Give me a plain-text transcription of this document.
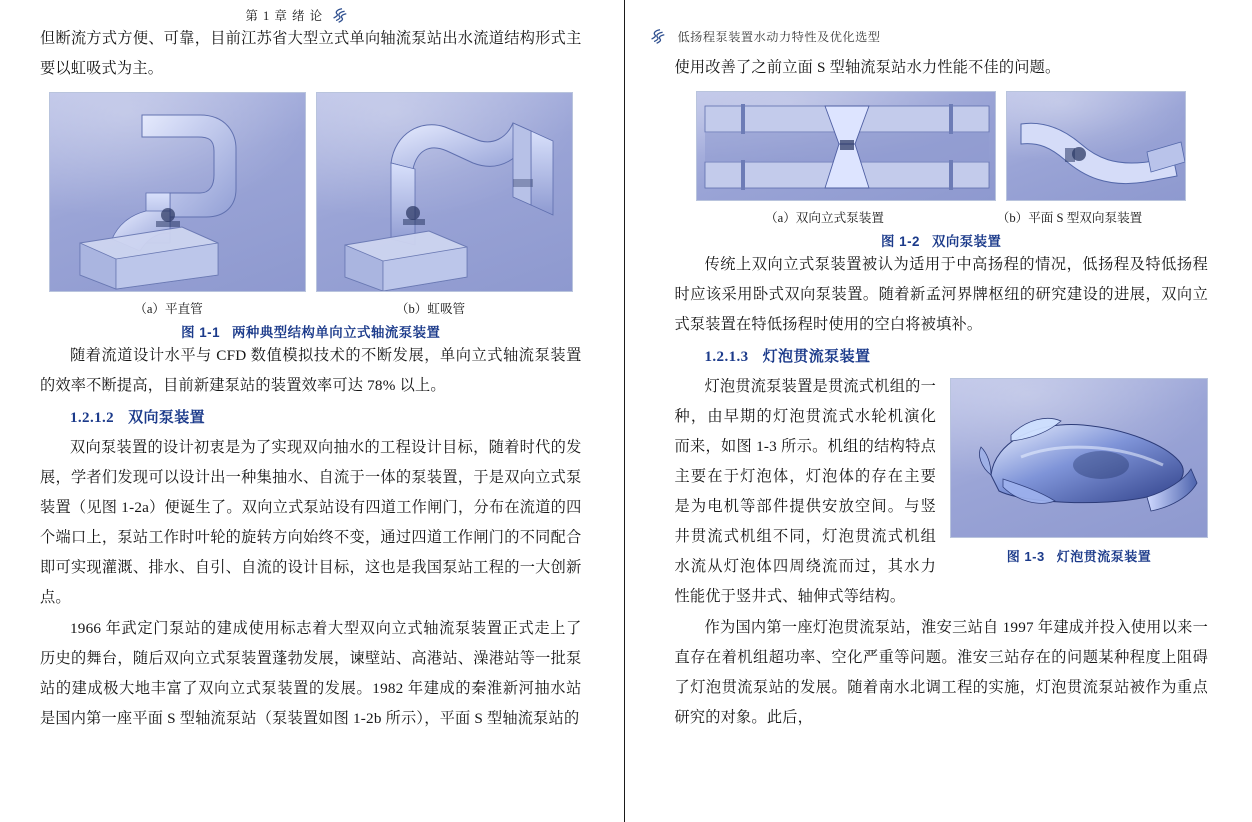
第 1 章 绪 论

但断流方式方便、可靠，目前江苏省大型立式单向轴流泵站出水流道结构形式主要以虹吸式为主。

（a）平直管	（b）虹吸管
图 1-1 两种典型结构单向立式轴流泵装置

随着流道设计水平与 CFD 数值模拟技术的不断发展，单向立式轴流泵装置的效率不断提高，目前新建泵站的装置效率可达 78% 以上。

1.2.1.2 双向泵装置

双向泵装置的设计初衷是为了实现双向抽水的工程设计目标，随着时代的发展，学者们发现可以设计出一种集抽水、自流于一体的泵装置，于是双向立式泵装置（见图 1-2a）便诞生了。双向立式泵站设有四道工作闸门，分布在流道的四个端口上，泵站工作时叶轮的旋转方向始终不变，通过四道工作闸门的不同配合即可实现灌溉、排水、自引、自流的设计目标，这也是我国泵站工程的一大创新点。

1966 年武定门泵站的建成使用标志着大型双向立式轴流泵装置正式走上了历史的舞台，随后双向立式泵装置蓬勃发展，谏壁站、高港站、澡港站等一批泵站的建成极大地丰富了双向立式泵装置的发展。1982 年建成的秦淮新河抽水站是国内第一座平面 S 型轴流泵站（泵装置如图 1-2b 所示），平面 S 型轴流泵站的

低扬程泵装置水动力特性及优化选型

使用改善了之前立面 S 型轴流泵站水力性能不佳的问题。

（a）双向立式泵装置	（b）平面 S 型双向泵装置
图 1-2 双向泵装置

传统上双向立式泵装置被认为适用于中高扬程的情况，低扬程及特低扬程时应该采用卧式双向泵装置。随着新孟河界牌枢纽的研究建设的进展，双向立式泵装置在特低扬程时使用的空白将被填补。

1.2.1.3 灯泡贯流泵装置
图 1-3 灯泡贯流泵装置

灯泡贯流泵装置是贯流式机组的一种，由早期的灯泡贯流式水轮机演化而来，如图 1-3 所示。机组的结构特点主要在于灯泡体，灯泡体的存在主要是为电机等部件提供安放空间。与竖井贯流式机组不同，灯泡贯流式机组水流从灯泡体四周绕流而过，其水力性能优于竖井式、轴伸式等结构。

作为国内第一座灯泡贯流泵站，淮安三站自 1997 年建成并投入使用以来一直存在着机组超功率、空化严重等问题。淮安三站存在的问题某种程度上阻碍了灯泡贯流泵站的发展。随着南水北调工程的实施，灯泡贯流泵站被作为重点研究的对象。此后，
